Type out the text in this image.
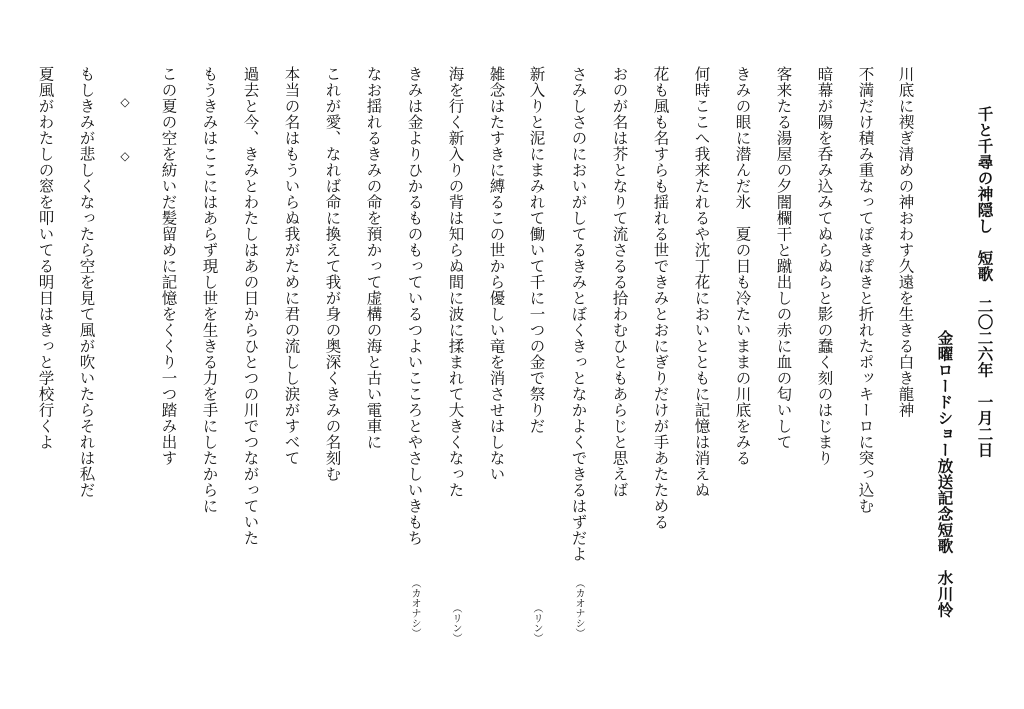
千と千尋の神隠し　短歌　二〇二六年　一月二日
金曜ロードショー放送記念短歌　水川怜
川底に禊ぎ清めの神おわす久遠を生きる白き龍神
不満だけ積み重なってぽきぽきと折れたポッキーロに突っ込む
暗幕が陽を呑み込みてぬらぬらと影の蠢く刻のはじまり
客来たる湯屋の夕闇欄干と蹴出しの赤に血の匂いして
きみの眼に潜んだ氷　夏の日も冷たいままの川底をみる
何時ここへ我来たれるや沈丁花においとともに記憶は消えぬ
花も風も名すらも揺れる世できみとおにぎりだけが手あたためる
おのが名は芥となりて流さるる拾わむひともあらじと思えば
さみしさのにおいがしてるきみとぼくきっとなかよくできるはずだよ
新入りと泥にまみれて働いて千に一つの金で祭りだ
雑念はたすきに縛るこの世から優しい竜を消させはしない
海を行く新入りの背は知らぬ間に波に揉まれて大きくなった
きみは金よりひかるものもっているつよいこころとやさしいきもち
なお揺れるきみの命を預かって虚構の海と古い電車に
これが愛、なれば命に換えて我が身の奥深くきみの名刻む
本当の名はもういらぬ我がために君の流しし涙がすべて
過去と今、きみとわたしはあの日からひとつの川でつながっていた
もうきみはここにはあらず現し世を生きる力を手にしたからに
この夏の空を紡いだ髪留めに記憶をくくり一つ踏み出す
◇　◇
もしきみが悲しくなったら空を見て風が吹いたらそれは私だ
夏風がわたしの窓を叩いてる明日はきっと学校行くよ
（カオナシ）
（リン）
（リン）
（カオナシ）
